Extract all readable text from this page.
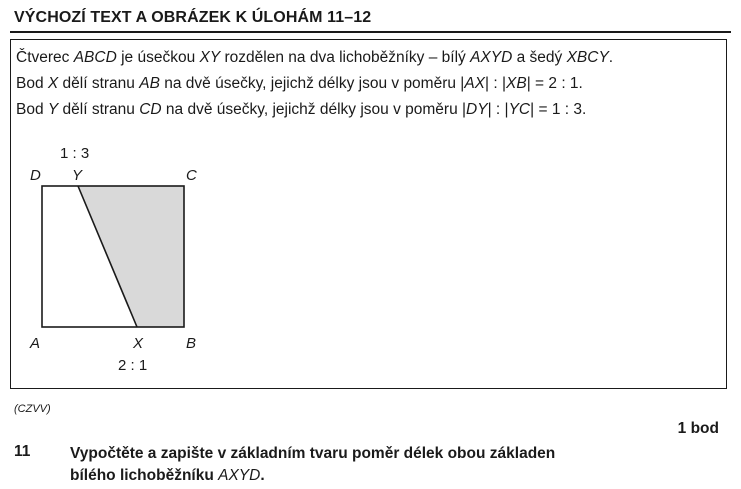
VÝCHOZÍ TEXT A OBRÁZEK K ÚLOHÁM 11–12
Čtverec ABCD je úsečkou XY rozdělen na dva lichoběžníky – bílý AXYD a šedý XBCY.
Bod X dělí stranu AB na dvě úsečky, jejichž délky jsou v poměru |AX| : |XB| = 2 : 1.
Bod Y dělí stranu CD na dvě úsečky, jejichž délky jsou v poměru |DY| : |YC| = 1 : 3.
1 : 3
D Y	C
A	X	B
2 : 1
(CZVV)
1 bod
11	Vypočtěte a zapište v základním tvaru poměr délek obou základen
bílého lichoběžníku AXYD.
